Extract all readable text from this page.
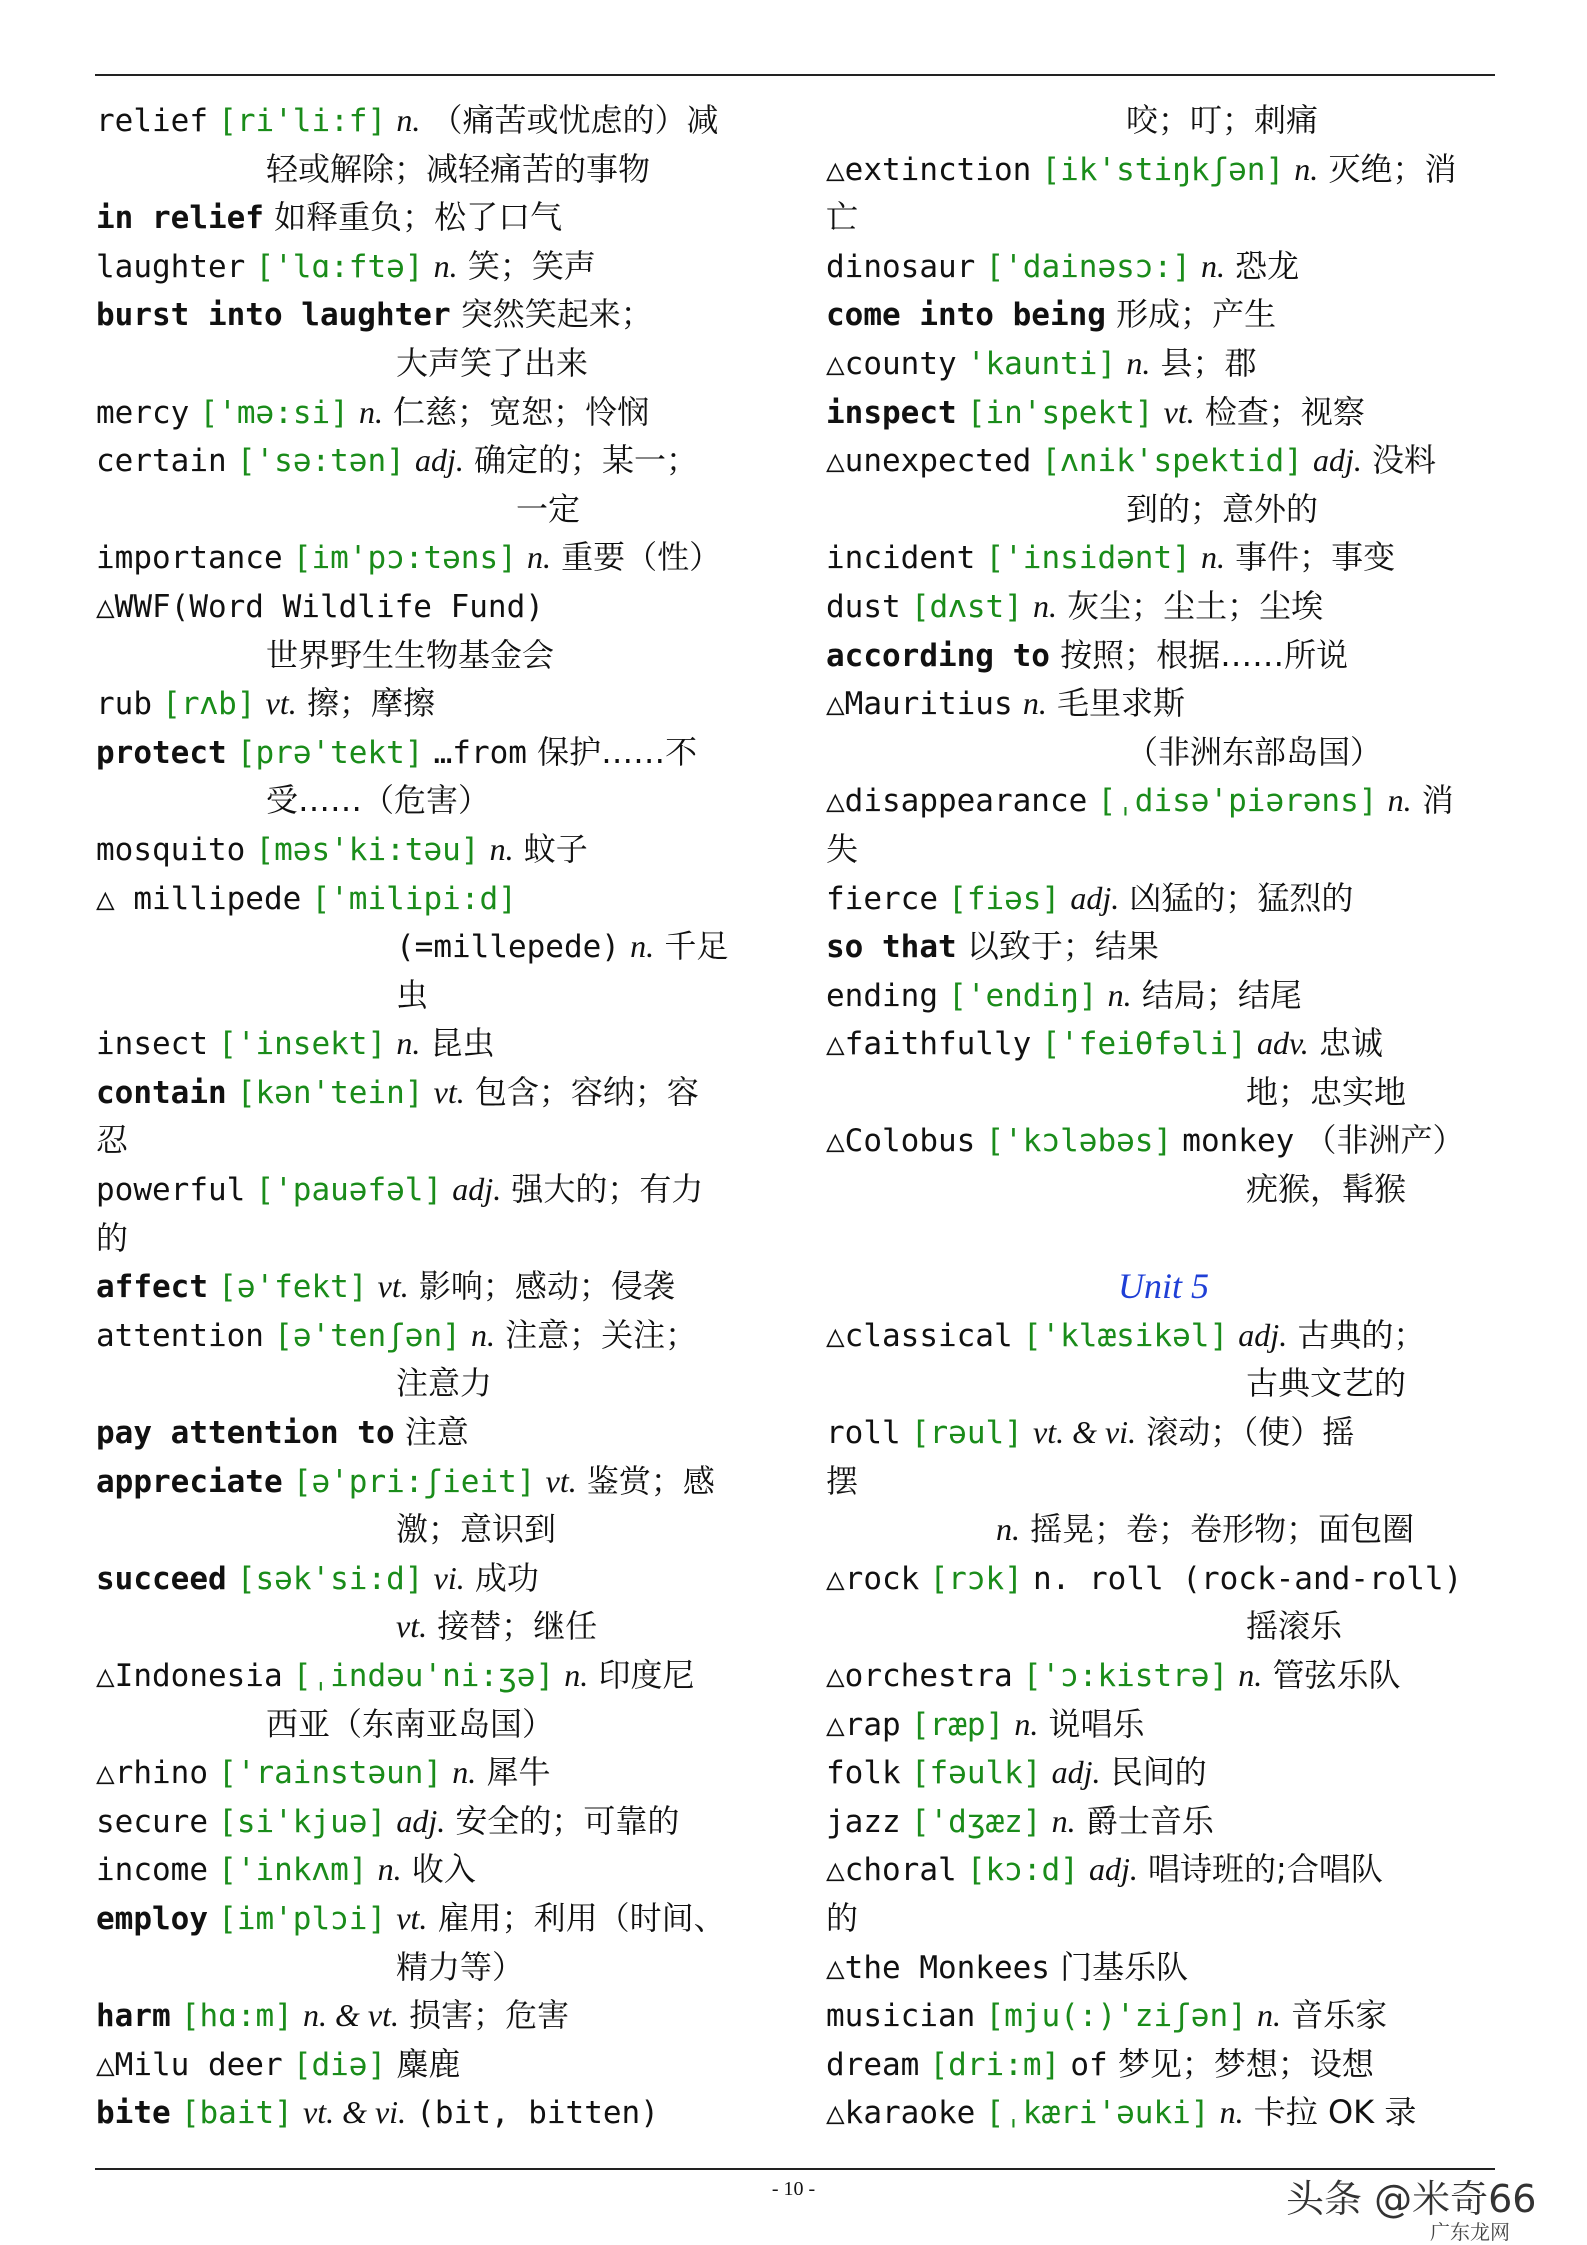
relief [ri'li:f] n. （痛苦或忧虑的）减
轻或解除；减轻痛苦的事物
in relief 如释重负；松了口气
laughter ['lɑ:ftə] n. 笑；笑声
burst into laughter 突然笑起来；
大声笑了出来
mercy ['mə:si] n. 仁慈；宽恕；怜悯
certain ['sə:tən] adj. 确定的；某一；
一定
importance [im'pɔ:təns] n. 重要（性）
△WWF(Word Wildlife Fund)
世界野生生物基金会
rub [rʌb] vt. 擦；摩擦
protect [prə'tekt] …from 保护……不
受……（危害）
mosquito [məs'ki:təu] n. 蚊子
△ millipede ['milipi:d]
(=millepede) n. 千足
虫
insect ['insekt] n. 昆虫
contain [kən'tein] vt. 包含；容纳；容
忍
powerful ['pauəfəl] adj. 强大的；有力
的
affect [ə'fekt] vt. 影响；感动；侵袭
attention [ə'tenʃən] n. 注意；关注；
注意力
pay attention to 注意
appreciate [ə'pri:ʃieit] vt. 鉴赏；感
激；意识到
succeed [sək'si:d] vi. 成功
vt. 接替；继任
△Indonesia [ˌindəu'ni:ʒə] n. 印度尼
西亚（东南亚岛国）
△rhino ['rainstəun] n. 犀牛
secure [si'kjuə] adj. 安全的；可靠的
income ['inkʌm] n. 收入
employ [im'plɔi] vt. 雇用；利用（时间、
精力等）
harm [hɑ:m] n. & vt. 损害；危害
△Milu deer [diə] 麋鹿
bite [bait] vt. & vi. (bit, bitten)
咬；叮；刺痛
△extinction [ik'stiŋkʃən] n. 灭绝；消
亡
dinosaur ['dainəsɔ:] n. 恐龙
come into being 形成；产生
△county 'kaunti] n. 县；郡
inspect [in'spekt] vt. 检查；视察
△unexpected [ʌnik'spektid] adj. 没料
到的；意外的
incident ['insidənt] n. 事件；事变
dust [dʌst] n. 灰尘；尘土；尘埃
according to 按照；根据……所说
△Mauritius n. 毛里求斯
（非洲东部岛国）
△disappearance [ˌdisə'piərəns] n. 消
失
fierce [fiəs] adj. 凶猛的；猛烈的
so that 以致于；结果
ending ['endiŋ] n. 结局；结尾
△faithfully ['feiθfəli] adv. 忠诚
地；忠实地
△Colobus ['kɔləbəs] monkey （非洲产）
疣猴，髯猴
Unit 5
△classical ['klæsikəl] adj. 古典的；
古典文艺的
roll [rəul] vt. & vi. 滚动；（使）摇
摆
n. 摇晃；卷；卷形物；面包圈
△rock [rɔk] n. roll (rock-and-roll)
摇滚乐
△orchestra ['ɔ:kistrə] n. 管弦乐队
△rap [ræp] n. 说唱乐
folk [fəulk] adj. 民间的
jazz ['dʒæz] n. 爵士音乐
△choral [kɔ:d] adj. 唱诗班的;合唱队
的
△the Monkees 门基乐队
musician [mju(:)'ziʃən] n. 音乐家
dream [dri:m] of 梦见；梦想；设想
△karaoke [ˌkæri'əuki] n. 卡拉 OK 录
- 10 -	头条 @米奇66
广东龙网
